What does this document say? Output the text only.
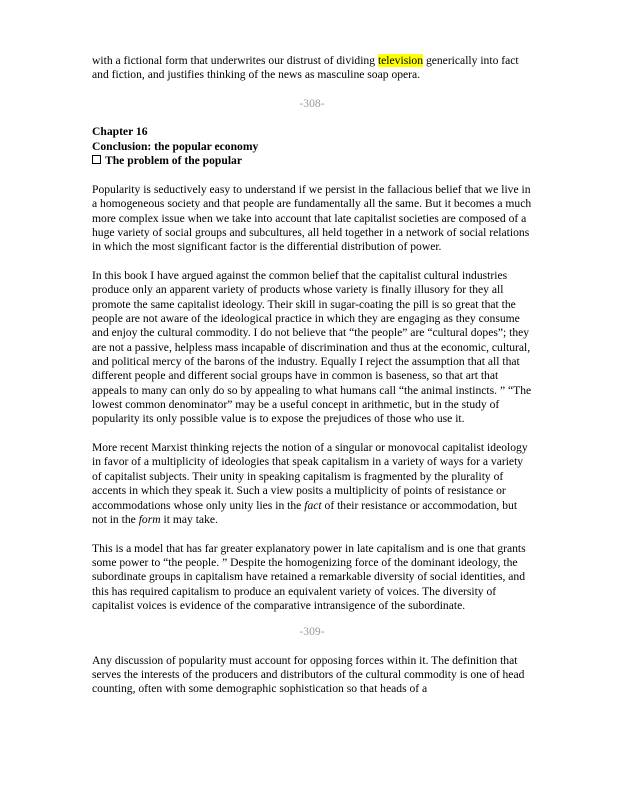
with a fictional form that underwrites our distrust of dividing television generically into fact and fiction, and justifies thinking of the news as masculine soap opera.

-308-
Chapter 16
Conclusion: the popular economy
The problem of the popular

Popularity is seductively easy to understand if we persist in the fallacious belief that we live in a homogeneous society and that people are fundamentally all the same. But it becomes a much more complex issue when we take into account that late capitalist societies are composed of a huge variety of social groups and subcultures, all held together in a network of social relations in which the most significant factor is the differential distribution of power.

In this book I have argued against the common belief that the capitalist cultural industries produce only an apparent variety of products whose variety is finally illusory for they all promote the same capitalist ideology. Their skill in sugar-coating the pill is so great that the people are not aware of the ideological practice in which they are engaging as they consume and enjoy the cultural commodity. I do not believe that “the people” are “cultural dopes”; they are not a passive, helpless mass incapable of discrimination and thus at the economic, cultural, and political mercy of the barons of the industry. Equally I reject the assumption that all that different people and different social groups have in common is baseness, so that art that appeals to many can only do so by appealing to what humans call “the animal instincts. ” “The lowest common denominator” may be a useful concept in arithmetic, but in the study of popularity its only possible value is to expose the prejudices of those who use it.

More recent Marxist thinking rejects the notion of a singular or monovocal capitalist ideology in favor of a multiplicity of ideologies that speak capitalism in a variety of ways for a variety of capitalist subjects. Their unity in speaking capitalism is fragmented by the plurality of accents in which they speak it. Such a view posits a multiplicity of points of resistance or accommodations whose only unity lies in the fact of their resistance or accommodation, but not in the form it may take.

This is a model that has far greater explanatory power in late capitalism and is one that grants some power to “the people. ” Despite the homogenizing force of the dominant ideology, the subordinate groups in capitalism have retained a remarkable diversity of social identities, and this has required capitalism to produce an equivalent variety of voices. The diversity of capitalist voices is evidence of the comparative intransigence of the subordinate.

-309-

Any discussion of popularity must account for opposing forces within it. The definition that serves the interests of the producers and distributors of the cultural commodity is one of head counting, often with some demographic sophistication so that heads of a
